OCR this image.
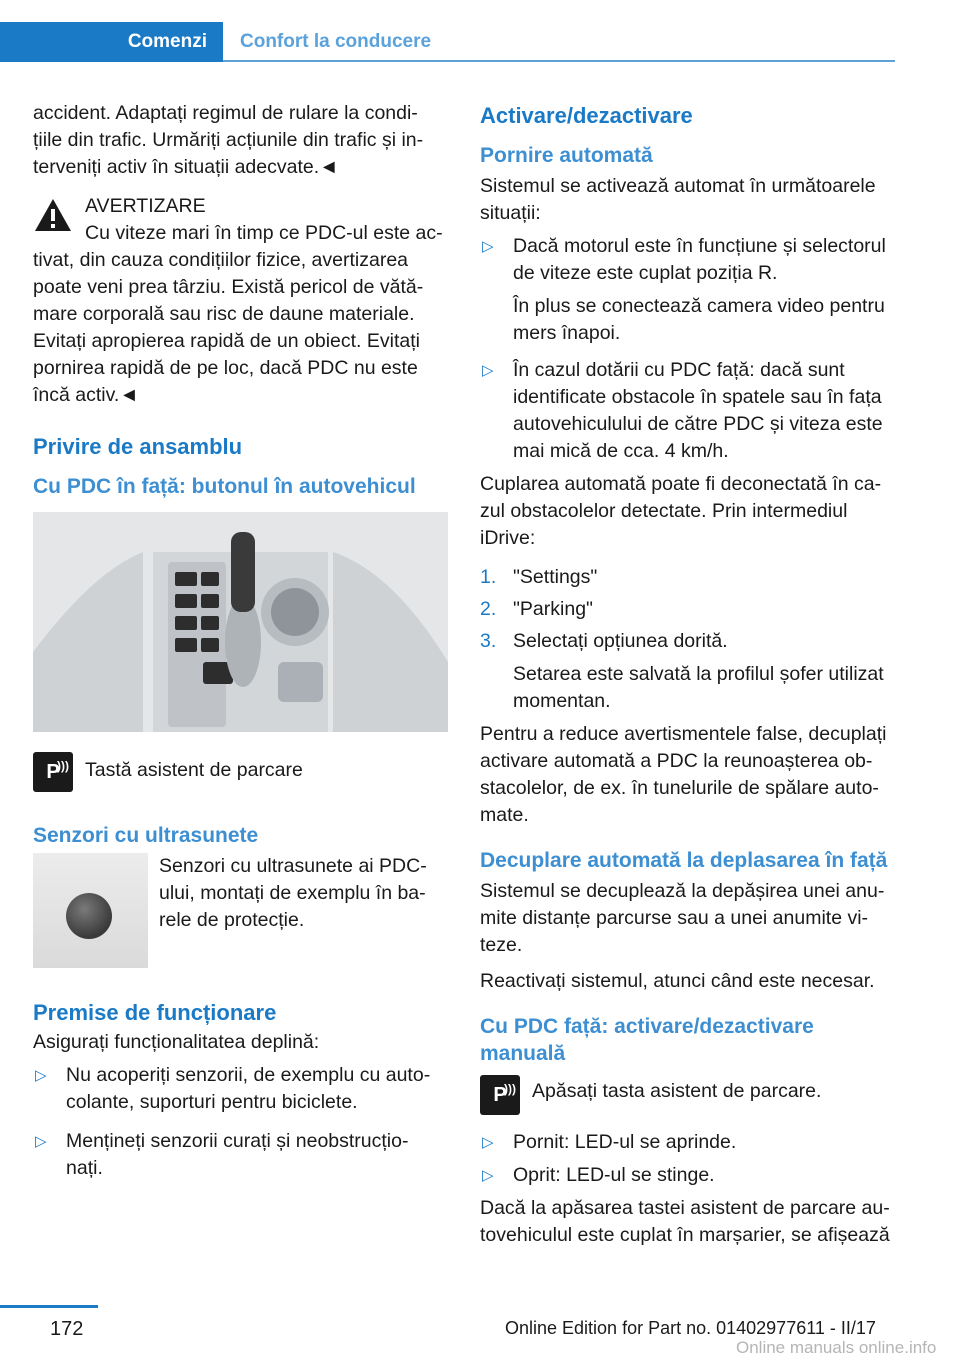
Comenzi	Confort la conducere

accident. Adaptați regimul de rulare la condi‐ țiile din trafic. Urmăriți acțiunile din trafic și in‐ terveniți activ în situații adecvate.◄

AVERTIZARE

Cu viteze mari în timp ce PDC-ul este ac‐

tivat, din cauza condițiilor fizice, avertizarea poate veni prea târziu. Există pericol de vătă‐ mare corporală sau risc de daune materiale. Evitați apropierea rapidă de un obiect. Evitați pornirea rapidă de pe loc, dacă PDC nu este încă activ.◄

Privire de ansamblu
Cu PDC în față: butonul în autovehicul
P
))) Tastă asistent de parcare

Senzori cu ultrasunete

Senzori cu ultrasunete ai PDC- ului, montați de exemplu în ba‐ rele de protecție.

Premise de funcționare

Asigurați funcționalitatea deplină:

▷ Nu acoperiți senzorii, de exemplu cu auto‐ colante, suporturi pentru biciclete.
▷ Mențineți senzorii curați și neobstrucțio‐ nați.
Activare/dezactivare
Pornire automată

Sistemul se activează automat în următoarele situații:

▷ Dacă motorul este în funcțiune și selectorul de viteze este cuplat poziția R.
În plus se conectează camera video pentru mers înapoi.
▷ În cazul dotării cu PDC față: dacă sunt identificate obstacole în spatele sau în fața autovehiculului de către PDC și viteza este mai mică de cca. 4 km/h.

Cuplarea automată poate fi deconectată în ca‐ zul obstacolelor detectate. Prin intermediul iDrive:

1. "Settings"
2. "Parking"
3. Selectați opțiunea dorită.
Setarea este salvată la profilul șofer utilizat momentan.

Pentru a reduce avertismentele false, decuplați activare automată a PDC la reunoașterea ob‐ stacolelor, de ex. în tunelurile de spălare auto‐ mate.

Decuplare automată la deplasarea în față

Sistemul se decuplează la depășirea unei anu‐ mite distanțe parcurse sau a unei anumite vi‐ teze.

Reactivați sistemul, atunci când este necesar.

Cu PDC față: activare/dezactivare manuală
P
))) Apăsați tasta asistent de parcare.

▷ Pornit: LED-ul se aprinde.
▷ Oprit: LED-ul se stinge.

Dacă la apăsarea tastei asistent de parcare au‐ tovehiculul este cuplat în marșarier, se afișează

172	Online Edition for Part no. 01402977611 - II/17
Online manuals online.info
